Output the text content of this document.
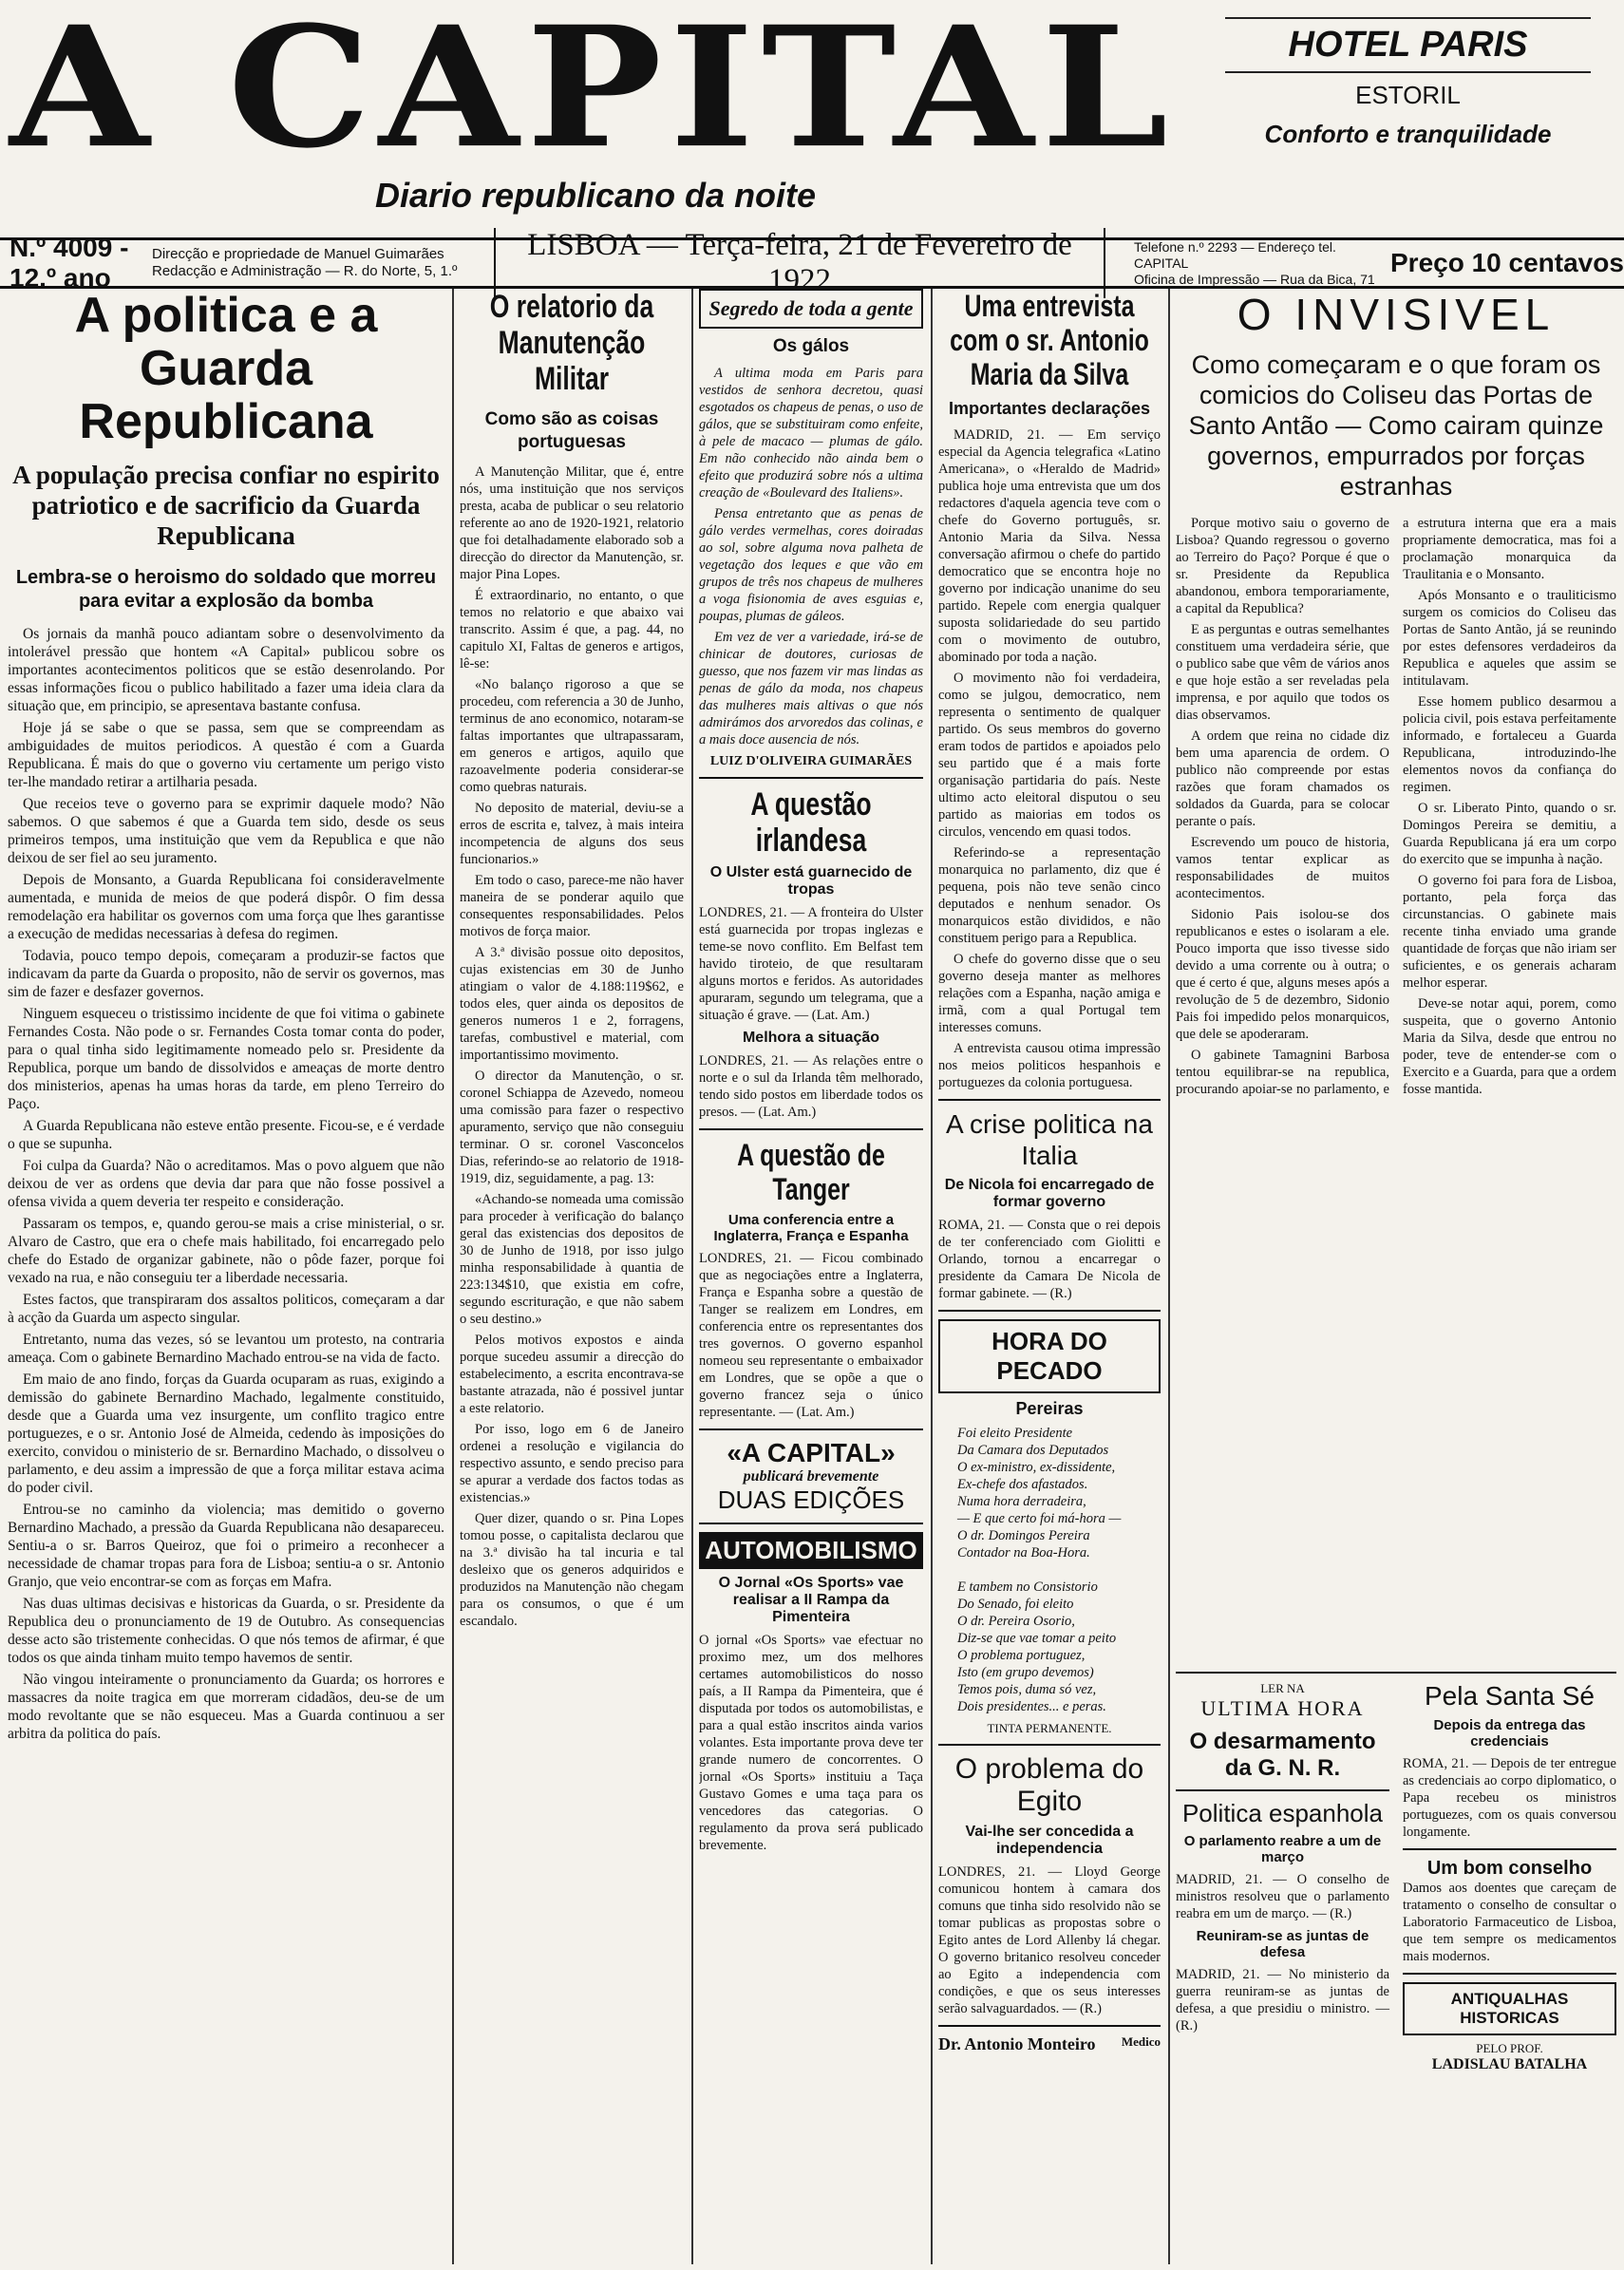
A CAPITAL
Diario republicano da noite
HOTEL PARIS
ESTORIL
Conforto e tranquilidade
N.º 4009 - 12.º ano
Direcção e propriedade de Manuel Guimarães
Redacção e Administração — R. do Norte, 5, 1.º
LISBOA — Terça-feira, 21 de Fevereiro de 1922
Telefone n.º 2293 — Endereço tel. CAPITAL
Oficina de Impressão — Rua da Bica, 71
Preço 10 centavos
A politica e a Guarda Republicana
A população precisa confiar no espirito patriotico e de sacrificio da Guarda Republicana
Lembra-se o heroismo do soldado que morreu para evitar a explosão da bomba

Os jornais da manhã pouco adiantam sobre o desenvolvimento da intolerável pressão que hontem «A Capital» publicou sobre os importantes acontecimentos politicos que se estão desenrolando. Por essas informações ficou o publico habilitado a fazer uma ideia clara da situação que, em principio, se apresentava bastante confusa.

Hoje já se sabe o que se passa, sem que se compreendam as ambiguidades de muitos periodicos. A questão é com a Guarda Republicana. É mais do que o governo viu certamente um perigo visto ter-lhe mandado retirar a artilharia pesada.

Que receios teve o governo para se exprimir daquele modo? Não sabemos. O que sabemos é que a Guarda tem sido, desde os seus primeiros tempos, uma instituição que vem da Republica e que não deixou de ser fiel ao seu juramento.

Depois de Monsanto, a Guarda Republicana foi consideravelmente aumentada, e munida de meios de que poderá dispôr. O fim dessa remodelação era habilitar os governos com uma força que lhes garantisse a execução de medidas necessarias à defesa do regimen.

Todavia, pouco tempo depois, começaram a produzir-se factos que indicavam da parte da Guarda o proposito, não de servir os governos, mas sim de fazer e desfazer governos.

Ninguem esqueceu o tristissimo incidente de que foi vitima o gabinete Fernandes Costa. Não pode o sr. Fernandes Costa tomar conta do poder, para o qual tinha sido legitimamente nomeado pelo sr. Presidente da Republica, porque um bando de dissolvidos e ameaças de morte dentro dos ministerios, apenas ha umas horas da tarde, em pleno Terreiro do Paço.

A Guarda Republicana não esteve então presente. Ficou-se, e é verdade o que se supunha.

Foi culpa da Guarda? Não o acreditamos. Mas o povo alguem que não deixou de ver as ordens que devia dar para que não fosse possivel a ofensa vivida a quem deveria ter respeito e consideração.

Passaram os tempos, e, quando gerou-se mais a crise ministerial, o sr. Alvaro de Castro, que era o chefe mais habilitado, foi encarregado pelo chefe do Estado de organizar gabinete, não o pôde fazer, porque foi vexado na rua, e não conseguiu ter a liberdade necessaria.

Estes factos, que transpiraram dos assaltos politicos, começaram a dar à acção da Guarda um aspecto singular.

Entretanto, numa das vezes, só se levantou um protesto, na contraria ameaça. Com o gabinete Bernardino Machado entrou-se na vida de facto.

Em maio de ano findo, forças da Guarda ocuparam as ruas, exigindo a demissão do gabinete Bernardino Machado, legalmente constituido, desde que a Guarda uma vez insurgente, um conflito tragico entre portuguezes, e o sr. Antonio José de Almeida, cedendo às imposições do exercito, convidou o ministerio de sr. Bernardino Machado, o dissolveu o parlamento, e deu assim a impressão de que a força militar estava acima do poder civil.

Entrou-se no caminho da violencia; mas demitido o governo Bernardino Machado, a pressão da Guarda Republicana não desapareceu. Sentiu-a o sr. Barros Queiroz, que foi o primeiro a reconhecer a necessidade de chamar tropas para fora de Lisboa; sentiu-a o sr. Antonio Granjo, que veio encontrar-se com as forças em Mafra.

Nas duas ultimas decisivas e historicas da Guarda, o sr. Presidente da Republica deu o pronunciamento de 19 de Outubro. As consequencias desse acto são tristemente conhecidas. O que nós temos de afirmar, é que todos os que ainda tinham muito tempo havemos de sentir.

Não vingou inteiramente o pronunciamento da Guarda; os horrores e massacres da noite tragica em que morreram cidadãos, deu-se de um modo revoltante que se não esqueceu. Mas a Guarda continuou a ser arbitra da politica do país.

O relatorio da Manutenção Militar
Como são as coisas portuguesas

A Manutenção Militar, que é, entre nós, uma instituição que nos serviços presta, acaba de publicar o seu relatorio referente ao ano de 1920-1921, relatorio que foi detalhadamente elaborado sob a direcção do director da Manutenção, sr. major Pina Lopes.

É extraordinario, no entanto, o que temos no relatorio e que abaixo vai transcrito. Assim é que, a pag. 44, no capitulo XI, Faltas de generos e artigos, lê-se:

«No balanço rigoroso a que se procedeu, com referencia a 30 de Junho, terminus de ano economico, notaram-se faltas importantes que ultrapassaram, em generos e artigos, aquilo que razoavelmente poderia considerar-se como quebras naturais.

No deposito de material, deviu-se a erros de escrita e, talvez, à mais inteira incompetencia de alguns dos seus funcionarios.»

Em todo o caso, parece-me não haver maneira de se ponderar aquilo que consequentes responsabilidades. Pelos motivos de força maior.

A 3.ª divisão possue oito depositos, cujas existencias em 30 de Junho atingiam o valor de 4.188:119$62, e todos eles, quer ainda os depositos de generos numeros 1 e 2, forragens, tarefas, combustivel e material, com importantissimo movimento.

O director da Manutenção, o sr. coronel Schiappa de Azevedo, nomeou uma comissão para fazer o respectivo apuramento, serviço que não conseguiu terminar. O sr. coronel Vasconcelos Dias, referindo-se ao relatorio de 1918-1919, diz, seguidamente, a pag. 13:

«Achando-se nomeada uma comissão para proceder à verificação do balanço geral das existencias dos depositos de 30 de Junho de 1918, por isso julgo minha responsabilidade à quantia de 223:134$10, que existia em cofre, segundo escrituração, e que não sabem o seu destino.»

Pelos motivos expostos e ainda porque sucedeu assumir a direcção do estabelecimento, a escrita encontrava-se bastante atrazada, não é possivel juntar a este relatorio.

Por isso, logo em 6 de Janeiro ordenei a resolução e vigilancia do respectivo assunto, e sendo preciso para se apurar a verdade dos factos todas as existencias.»

Quer dizer, quando o sr. Pina Lopes tomou posse, o capitalista declarou que na 3.ª divisão ha tal incuria e tal desleixo que os generos adquiridos e produzidos na Manutenção não chegam para os consumos, o que é um escandalo.

Segredo de toda a gente
Os gálos

A ultima moda em Paris para vestidos de senhora decretou, quasi esgotados os chapeus de penas, o uso de gálos, que se substituiram como enfeite, à pele de macaco — plumas de gálo. Em não conhecido não ainda bem o efeito que produzirá sobre nós a ultima creação de «Boulevard des Italiens».

Pensa entretanto que as penas de gálo verdes vermelhas, cores doiradas ao sol, sobre alguma nova palheta de vegetação dos leques e que vão em grupos de três nos chapeus de mulheres a voga fisionomia de aves esguias e, poupas, plumas de gáleos.

Em vez de ver a variedade, irá-se de chinicar de doutores, curiosas de guesso, que nos fazem vir mas lindas as penas de gálo da moda, nos chapeus das mulheres mais altivas o que nós admirámos dos arvoredos das colinas, e a mais doce ausencia de nós.

LUIZ D'OLIVEIRA GUIMARÃES
A questão irlandesa
O Ulster está guarnecido de tropas
LONDRES, 21. — A fronteira do Ulster está guarnecida por tropas inglezas e teme-se novo conflito. Em Belfast tem havido tiroteio, de que resultaram alguns mortos e feridos. As autoridades apuraram, segundo um telegrama, que a situação é grave. — (Lat. Am.)
Melhora a situação
LONDRES, 21. — As relações entre o norte e o sul da Irlanda têm melhorado, tendo sido postos em liberdade todos os presos. — (Lat. Am.)
A questão de Tanger
Uma conferencia entre a Inglaterra, França e Espanha
LONDRES, 21. — Ficou combinado que as negociações entre a Inglaterra, França e Espanha sobre a questão de Tanger se realizem em Londres, em conferencia entre os representantes dos tres governos. O governo espanhol nomeou seu representante o embaixador em Londres, que se opõe a que o governo francez seja o único representante. — (Lat. Am.)
«A CAPITAL»
publicará brevemente
DUAS EDIÇÕES
AUTOMOBILISMO
O Jornal «Os Sports» vae realisar a II Rampa da Pimenteira
O jornal «Os Sports» vae efectuar no proximo mez, um dos melhores certames automobilisticos do nosso país, a II Rampa da Pimenteira, que é disputada por todos os automobilistas, e para a qual estão inscritos ainda varios volantes. Esta importante prova deve ter grande numero de concorrentes. O jornal «Os Sports» instituiu a Taça Gustavo Gomes e uma taça para os vencedores das categorias. O regulamento da prova será publicado brevemente.
Uma entrevista com o sr. Antonio Maria da Silva
Importantes declarações

MADRID, 21. — Em serviço especial da Agencia telegrafica «Latino Americana», o «Heraldo de Madrid» publica hoje uma entrevista que um dos redactores d'aquela agencia teve com o chefe do Governo português, sr. Antonio Maria da Silva. Nessa conversação afirmou o chefe do partido democratico que se encontra hoje no governo por indicação unanime do seu partido. Repele com energia qualquer suposta solidariedade do seu partido com o movimento de outubro, abominado por toda a nação.

O movimento não foi verdadeira, como se julgou, democratico, nem representa o sentimento de qualquer partido. Os seus membros do governo eram todos de partidos e apoiados pelo seu partido que é a mais forte organisação partidaria do país. Neste ultimo acto eleitoral disputou o seu partido as maiorias em todos os circulos, vencendo em quasi todos.

Referindo-se a representação monarquica no parlamento, diz que é pequena, pois não teve senão cinco deputados e nenhum senador. Os monarquicos estão divididos, e não constituem perigo para a Republica.

O chefe do governo disse que o seu governo deseja manter as melhores relações com a Espanha, nação amiga e irmã, com a qual Portugal tem interesses comuns.

A entrevista causou otima impressão nos meios politicos hespanhois e portuguezes da colonia portuguesa.

A crise politica na Italia
De Nicola foi encarregado de formar governo
ROMA, 21. — Consta que o rei depois de ter conferenciado com Giolitti e Orlando, tornou a encarregar o presidente da Camara De Nicola de formar gabinete. — (R.)
HORA DO PECADO
Pereiras
Foi eleito Presidente
Da Camara dos Deputados
O ex-ministro, ex-dissidente,
Ex-chefe dos afastados.
Numa hora derradeira,
— E que certo foi má-hora —
O dr. Domingos Pereira
Contador na Boa-Hora.

E tambem no Consistorio
Do Senado, foi eleito
O dr. Pereira Osorio,
Diz-se que vae tomar a peito
O problema portuguez,
Isto (em grupo devemos)
Temos pois, duma só vez,
Dois presidentes... e peras.
TINTA PERMANENTE.
O problema do Egito
Vai-lhe ser concedida a independencia
LONDRES, 21. — Lloyd George comunicou hontem à camara dos comuns que tinha sido resolvido não se tomar publicas as propostas sobre o Egito antes de Lord Allenby lá chegar. O governo britanico resolveu conceder ao Egito a independencia com condições, e que os seus interesses serão salvaguardados. — (R.)
Dr. Antonio Monteiro Medico
O INVISIVEL
Como começaram e o que foram os comicios do Coliseu das Portas de Santo Antão — Como cairam quinze governos, empurrados por forças estranhas

Porque motivo saiu o governo de Lisboa? Quando regressou o governo ao Terreiro do Paço? Porque é que o sr. Presidente da Republica abandonou, embora temporariamente, a capital da Republica?

E as perguntas e outras semelhantes constituem uma verdadeira série, que o publico sabe que vêm de vários anos e que hoje estão a ser reveladas pela imprensa, e por aquilo que todos os dias observamos.

A ordem que reina no cidade diz bem uma aparencia de ordem. O publico não compreende por estas razões que foram chamados os soldados da Guarda, para se colocar perante o país.

Escrevendo um pouco de historia, vamos tentar explicar as responsabilidades de muitos acontecimentos.

Sidonio Pais isolou-se dos republicanos e estes o isolaram a ele. Pouco importa que isso tivesse sido devido a uma corrente ou à outra; o que é certo é que, alguns meses após a revolução de 5 de dezembro, Sidonio Pais foi impedido pelos monarquicos, que dele se apoderaram.

O gabinete Tamagnini Barbosa tentou equilibrar-se na republica, procurando apoiar-se no parlamento, e a estrutura interna que era a mais propriamente democratica, mas foi a proclamação monarquica da Traulitania e o Monsanto.

Após Monsanto e o trauliticismo surgem os comicios do Coliseu das Portas de Santo Antão, já se reunindo por estes defensores verdadeiros da Republica e aqueles que assim se intitulavam.

Esse homem publico desarmou a policia civil, pois estava perfeitamente informado, e fortaleceu a Guarda Republicana, introduzindo-lhe elementos novos da confiança do regimen.

O sr. Liberato Pinto, quando o sr. Domingos Pereira se demitiu, a Guarda Republicana já era um corpo do exercito que se impunha à nação.

O governo foi para fora de Lisboa, portanto, pela força das circunstancias. O gabinete mais recente tinha enviado uma grande quantidade de forças que não iriam ser suficientes, e os generais acharam melhor esperar.

Deve-se notar aqui, porem, como suspeita, que o governo Antonio Maria da Silva, desde que entrou no poder, teve de entender-se com o Exercito e a Guarda, para que a ordem fosse mantida.

LER NA
ULTIMA HORA
O desarmamento da G. N. R.
Politica espanhola
O parlamento reabre a um de março
MADRID, 21. — O conselho de ministros resolveu que o parlamento reabra em um de março. — (R.)
Reuniram-se as juntas de defesa
MADRID, 21. — No ministerio da guerra reuniram-se as juntas de defesa, a que presidiu o ministro. — (R.)
Pela Santa Sé
Depois da entrega das credenciais
ROMA, 21. — Depois de ter entregue as credenciais ao corpo diplomatico, o Papa recebeu os ministros portuguezes, com os quais conversou longamente.
Um bom conselho
Damos aos doentes que careçam de tratamento o conselho de consultar o Laboratorio Farmaceutico de Lisboa, que tem sempre os medicamentos mais modernos.
ANTIQUALHAS HISTORICAS
PELO PROF.
LADISLAU BATALHA
